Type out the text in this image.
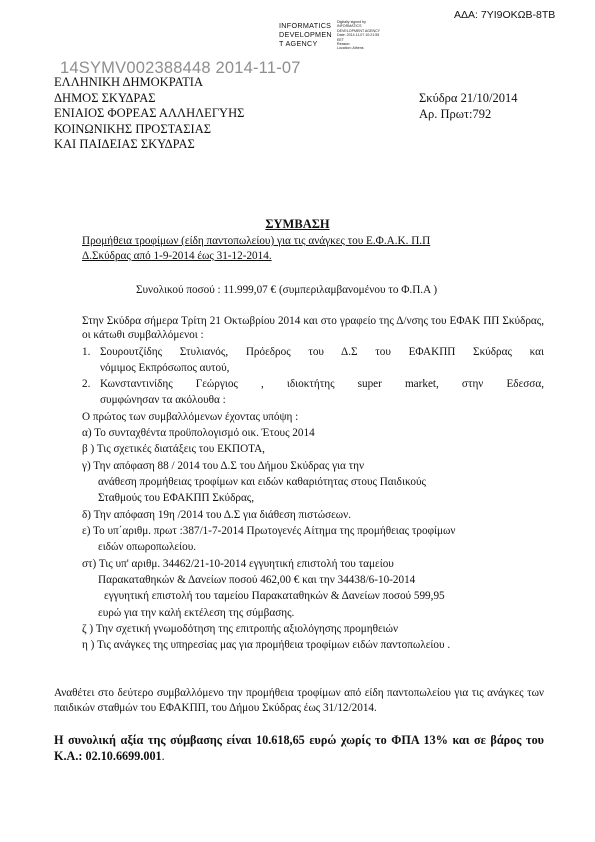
ΑΔΑ: 7ΥΙ9ΟΚΩΒ-8ΤΒ
INFORMATICS
DEVELOPMEN
T AGENCY
Digitally signed by
INFORMATICS
DEVELOPMENT AGENCY
Date: 2014.11.07 10:21:59
EET
Reason:
Location: Athens
ΕΛΛΗΝΙΚΗ ΔΗΜΟΚΡΑΤΙΑ
ΔΗΜΟΣ ΣΚΥΔΡΑΣ
ΕΝΙΑΙΟΣ ΦΟΡΕΑΣ ΑΛΛΗΛΕΓΥΗΣ
ΚΟΙΝΩΝΙΚΗΣ ΠΡΟΣΤΑΣΙΑΣ
ΚΑΙ ΠΑΙΔΕΙΑΣ ΣΚΥΔΡΑΣ
14SYMV002388448 2014-11-07
Σκύδρα 21/10/2014
Αρ. Πρωτ:792
ΣΥΜΒΑΣΗ
Προμήθεια τροφίμων (είδη παντοπωλείου) για τις ανάγκες του Ε.Φ.Α.Κ. Π.Π
Δ.Σκύδρας από 1-9-2014 έως 31-12-2014.
Συνολικού ποσού : 11.999,07 € (συμπεριλαμβανομένου το Φ.Π.Α )
Στην Σκύδρα σήμερα Τρίτη 21 Οκτωβρίου 2014 και στο γραφείο της Δ/νσης του ΕΦΑΚ ΠΠ Σκύδρας, οι κάτωθι συμβαλλόμενοι :
1. Σουρουτζίδης Στυλιανός, Πρόεδρος του Δ.Σ του ΕΦΑΚΠΠ Σκύδρας και
νόμιμος Εκπρόσωπος αυτού,
2. Κωνσταντινίδης Γεώργιος , ιδιοκτήτης super market, στην Εδεσσα,
συμφώνησαν τα ακόλουθα :
Ο πρώτος των συμβαλλόμενων έχοντας υπόψη :
α) Το συνταχθέντα προϋπολογισμό οικ. Έτους 2014
β ) Τις σχετικές διατάξεις του ΕΚΠΟΤΑ,
γ) Την απόφαση 88 / 2014 του Δ.Σ του Δήμου Σκύδρας για την
ανάθεση προμήθειας τροφίμων και ειδών καθαριότητας στους Παιδικούς
Σταθμούς του ΕΦΑΚΠΠ Σκύδρας,
δ) Την απόφαση 19η /2014 του Δ.Σ για διάθεση πιστώσεων.
ε) Το υπ΄αριθμ. πρωτ :387/1-7-2014 Πρωτογενές Αίτημα της προμήθειας τροφίμων
ειδών οπωροπωλείου.
στ) Τις υπ' αριθμ. 34462/21-10-2014 εγγυητική επιστολή του ταμείου
Παρακαταθηκών & Δανείων ποσού 462,00 € και την 34438/6-10-2014
εγγυητική επιστολή του ταμείου Παρακαταθηκών & Δανείων ποσού 599,95
ευρώ για την καλή εκτέλεση της σύμβασης.
ζ ) Την σχετική γνωμοδότηση της επιτροπής αξιολόγησης προμηθειών
η ) Τις ανάγκες της υπηρεσίας μας για προμήθεια τροφίμων ειδών παντοπωλείου .
Αναθέτει στο δεύτερο συμβαλλόμενο την προμήθεια τροφίμων από είδη παντοπωλείου για τις ανάγκες των παιδικών σταθμών του ΕΦΑΚΠΠ, του Δήμου Σκύδρας έως 31/12/2014.
Η συνολική αξία της σύμβασης είναι 10.618,65 ευρώ χωρίς το ΦΠΑ 13% και σε βάρος του Κ.Α.: 02.10.6699.001.
